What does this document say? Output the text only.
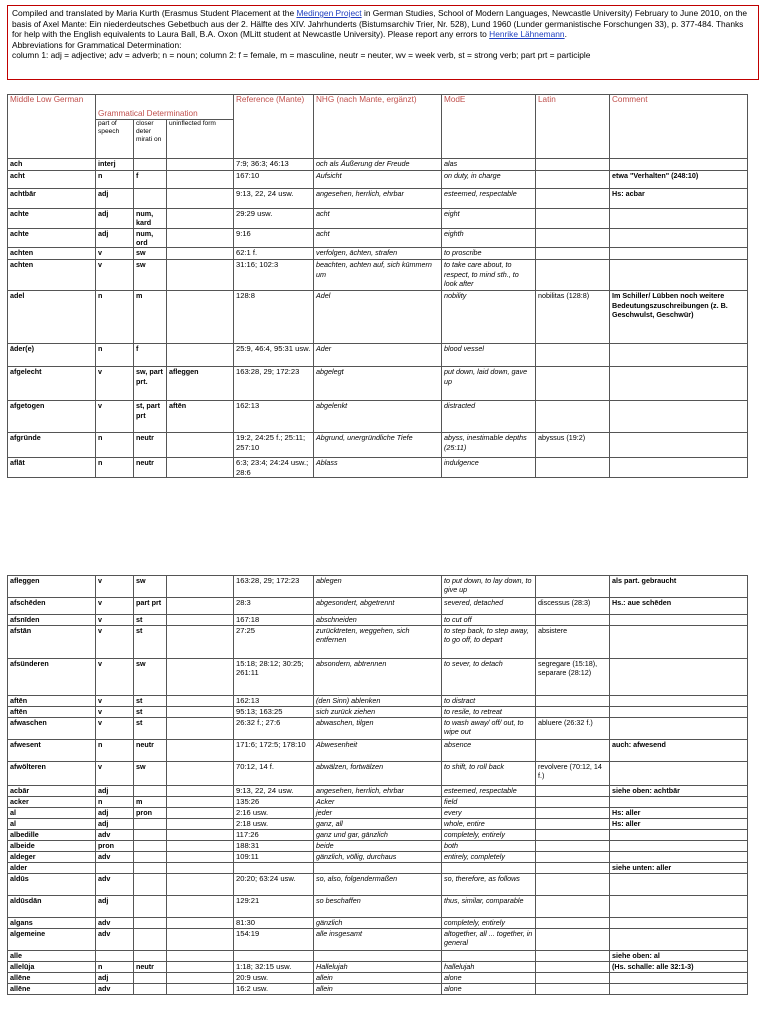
Compiled and translated by Maria Kurth (Erasmus Student Placement at the Medingen Project in German Studies, School of Modern Languages, Newcastle University) February to June 2010, on the basis of Axel Mante: Ein niederdeutsches Gebetbuch aus der 2. Hälfte des XIV. Jahrhunderts (Bistumsarchiv Trier, Nr. 528), Lund 1960 (Lunder germanistische Forschungen 33), p. 377-484. Thanks for help with the English equivalents to Laura Ball, B.A. Oxon (MLitt student at Newcastle University). Please report any errors to Henrike Lähnemann.
Abbreviations for Grammatical Determination:
column 1: adj = adjective; adv = adverb; n = noun; column 2: f = female, m = masculine, neutr = neuter, wv = week verb, st = strong verb; part prt = participle
Middle Low German	Grammatical Determination			Reference (Mante)	NHG (nach Mante, ergänzt)	ModE	Latin	Comment
	part of speech	closer deter mirati on	uninflected form					
ach	interj			7:9; 36:3; 46:13	och als Äußerung der Freude	alas		
acht	n	f		167:10	Aufsicht	on duty, in charge		etwa "Verhalten" (248:10)
achtbār	adj			9:13, 22, 24 usw.	angesehen, herrlich, ehrbar	esteemed, respectable		Hs: acbar
achte	adj	num, kard		29:29 usw.	acht	eight		
achte	adj	num, ord		9:16	acht	eighth		
achten	v	sw		62:1 f.	verfolgen, ächten, strafen	to proscribe		
achten	v	sw		31:16; 102:3	beachten, achten auf, sich kümmern um	to take care about, to respect, to mind sth., to look after		
adel	n	m		128:8	Adel	nobility	nobilitas (128:8)	Im Schiller/ Lübben noch weitere Bedeutungszuschreibungen (z. B. Geschwulst, Geschwür)
āder(e)	n	f		25:9, 46:4, 95:31 usw.	Ader	blood vessel		
afgelecht	v	sw, part prt.	afleggen	163:28, 29; 172:23	abgelegt	put down, laid down, gave up		
afgetogen	v	st, part prt	aftēn	162:13	abgelenkt	distracted		
afgründe	n	neutr		19:2, 24:25 f.; 25:11; 257:10	Abgrund, unergründliche Tiefe	abyss, inestimable depths (25:11)	abyssus (19:2)	
aflāt	n	neutr		6:3; 23:4; 24:24 usw.; 28:6	Ablass	indulgence		
afleggen	v	sw		163:28, 29; 172:23	ablegen	to put down, to lay down, to give up		als part. gebraucht
afschēden	v	part prt		28:3	abgesondert, abgetrennt	severed, detached	discessus (28:3)	Hs.: aue schēden
afsnīden	v	st		167:18	abschneiden	to cut off		
afstān	v	st		27:25	zurücktreten, weggehen, sich entfernen	to step back, to step away, to go off, to depart	absistere	
afsünderen	v	sw		15:18; 28:12; 30:25; 261:11	absondern, abtrennen	to sever, to detach	segregare (15:18), separare (28:12)	
aftēn	v	st		162:13	(den Sinn) ablenken	to distract		
aftēn	v	st		95:13; 163:25	sich zurück ziehen	to resile, to retreat		
afwaschen	v	st		26:32 f.; 27:6	abwaschen, tilgen	to wash away/ off/ out, to wipe out	abluere (26:32 f.)	
afwesent	n	neutr		171:6; 172:5; 178:10	Abwesenheit	absence		auch: afwesend
afwölteren	v	sw		70:12, 14 f.	abwälzen, fortwälzen	to shift, to roll back	revolvere (70:12, 14 f.)	
acbār	adj			9:13, 22, 24 usw.	angesehen, herrlich, ehrbar	esteemed, respectable		siehe oben: achtbār
acker	n	m		135:26	Acker	field		
al	adj	pron		2:16 usw.	jeder	every		Hs: aller
al	adj			2:18 usw.	ganz, all	whole, entire		Hs: aller
albedille	adv			117:26	ganz und gar, gänzlich	completely, entirely		
albeide	pron			188:31	beide	both		
aldeger	adv			109:11	gänzlich, völlig, durchaus	entirely, completely		
alder								siehe unten: aller
aldūs	adv			20:20; 63:24 usw.	so, also, folgendermaßen	so, therefore, as follows		
aldūsdān	adj			129:21	so beschaffen	thus, similar, comparable		
algans	adv			81:30	gänzlich	completely, entirely		
algemeine	adv			154:19	alle insgesamt	altogether, all ... together, in general		
alle								siehe oben: al
allelūja	n	neutr		1:18; 32:15 usw.	Hallelujah	hallelujah		(Hs. schalle: alle 32:1-3)
allēne	adj			20:9 usw.	allein	alone		
allēne	adv			16:2 usw.	allein	alone		
